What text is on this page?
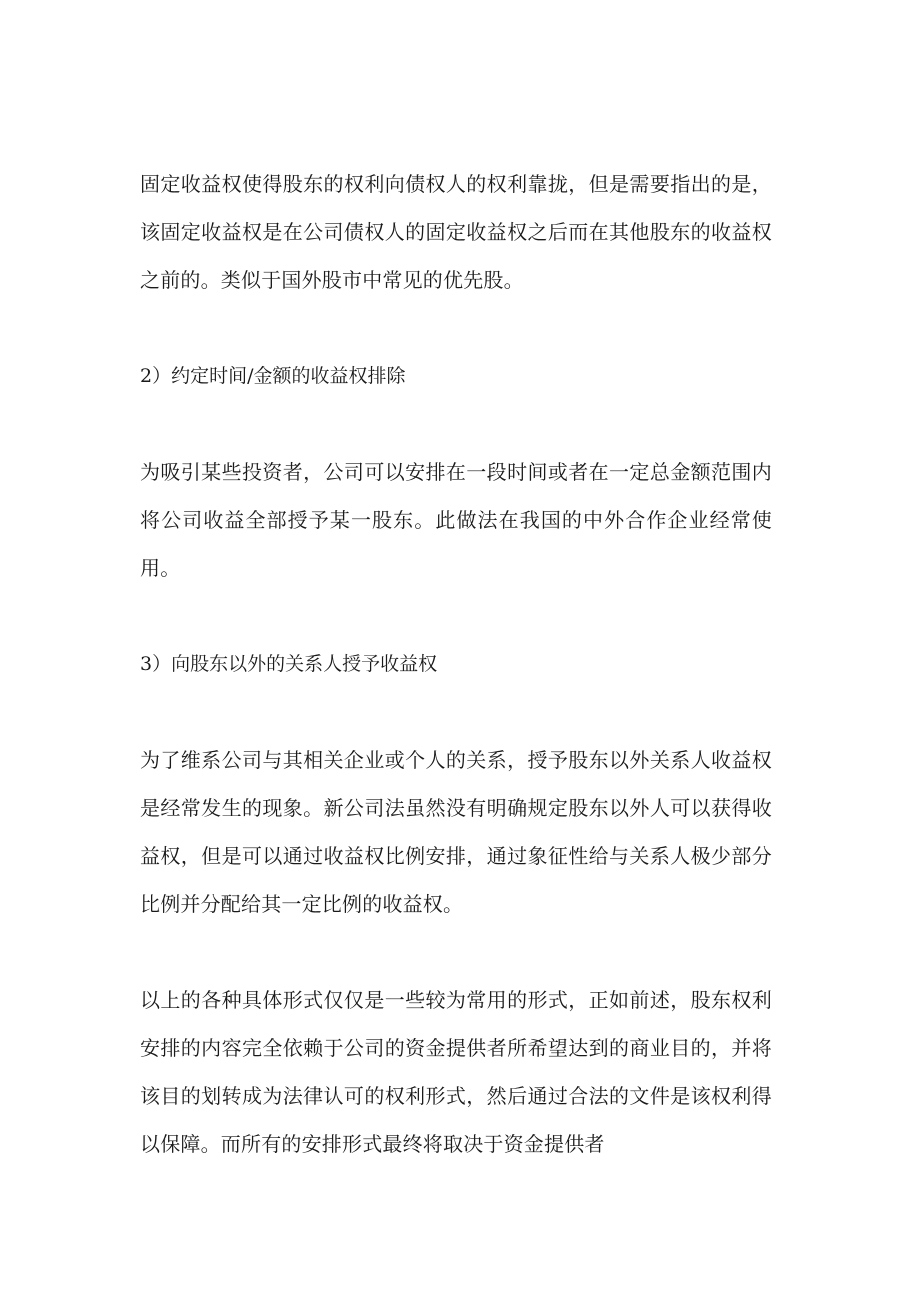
固定收益权使得股东的权利向债权人的权利靠拢，但是需要指出的是，该固定收益权是在公司债权人的固定收益权之后而在其他股东的收益权之前的。类似于国外股市中常见的优先股。

2）约定时间/金额的收益权排除

为吸引某些投资者，公司可以安排在一段时间或者在一定总金额范围内将公司收益全部授予某一股东。此做法在我国的中外合作企业经常使用。

3）向股东以外的关系人授予收益权

为了维系公司与其相关企业或个人的关系，授予股东以外关系人收益权是经常发生的现象。新公司法虽然没有明确规定股东以外人可以获得收益权，但是可以通过收益权比例安排，通过象征性给与关系人极少部分比例并分配给其一定比例的收益权。

以上的各种具体形式仅仅是一些较为常用的形式，正如前述，股东权利安排的内容完全依赖于公司的资金提供者所希望达到的商业目的，并将该目的划转成为法律认可的权利形式，然后通过合法的文件是该权利得以保障。而所有的安排形式最终将取决于资金提供者
